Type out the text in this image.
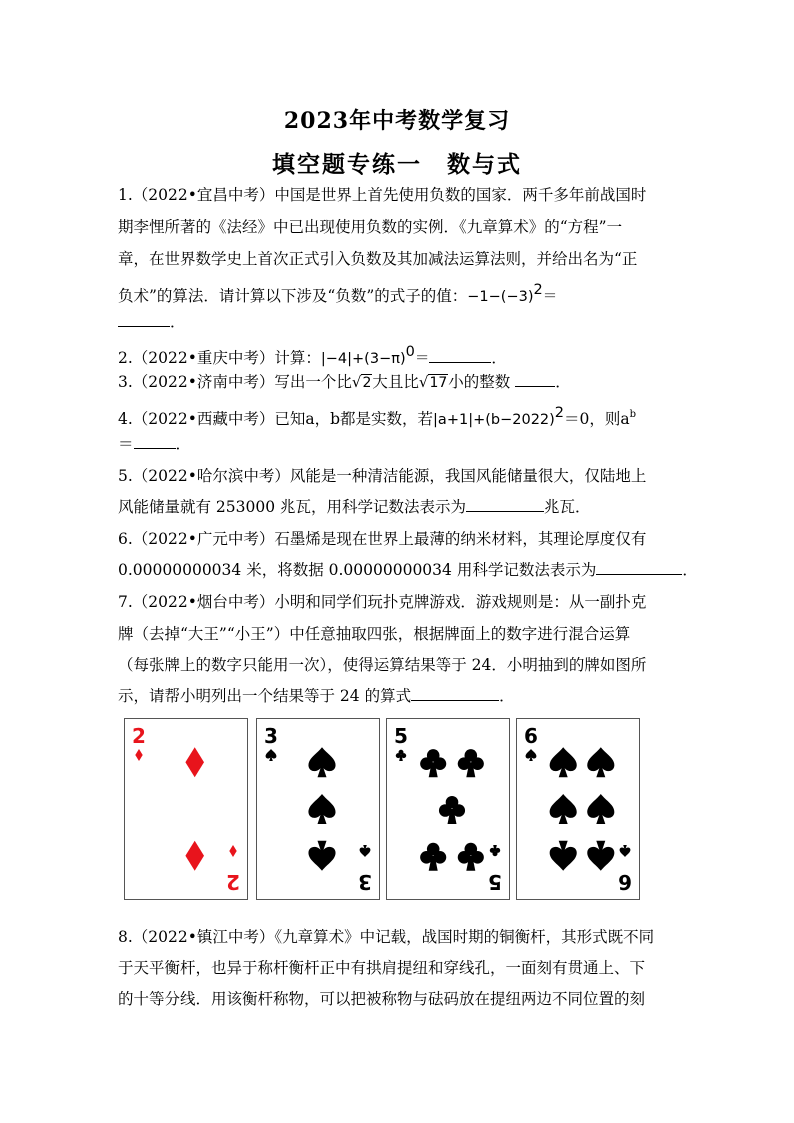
2023年中考数学复习
填空题专练一　数与式
1.（2022•宜昌中考）中国是世界上首先使用负数的国家．两千多年前战国时
期李悝所著的《法经》中已出现使用负数的实例．《九章算术》的“方程”一
章，在世界数学史上首次正式引入负数及其加减法运算法则，并给出名为“正
负术”的算法．请计算以下涉及“负数”的式子的值：$-1-(-3)^2=$
．
2.（2022•重庆中考）计算：$|-4|+(3-\pi)^0=$	．
3.（2022•济南中考）写出一个比√2大且比√17小的整数	．
4.（2022•西藏中考）已知a，b都是实数，若$|a+1|+(b-2022)^2=0$，则$a^b$
＝	．
5.（2022•哈尔滨中考）风能是一种清洁能源，我国风能储量很大，仅陆地上
风能储量就有 253000 兆瓦，用科学记数法表示为	兆瓦．
6.（2022•广元中考）石墨烯是现在世界上最薄的纳米材料，其理论厚度仅有
0.00000000034 米，将数据 0.00000000034 用科学记数法表示为	．
7.（2022•烟台中考）小明和同学们玩扑克牌游戏．游戏规则是：从一副扑克
牌（去掉“大王”“小王”）中任意抽取四张，根据牌面上的数字进行混合运算
（每张牌上的数字只能用一次），使得运算结果等于 24．小明抽到的牌如图所
示，请帮小明列出一个结果等于 24 的算式	．
2
2
3
3
5
5
6
6
8.（2022•镇江中考）《九章算术》中记载，战国时期的铜衡杆，其形式既不同
于天平衡杆，也异于称杆衡杆正中有拱肩提纽和穿线孔，一面刻有贯通上、下
的十等分线．用该衡杆称物，可以把被称物与砝码放在提纽两边不同位置的刻
